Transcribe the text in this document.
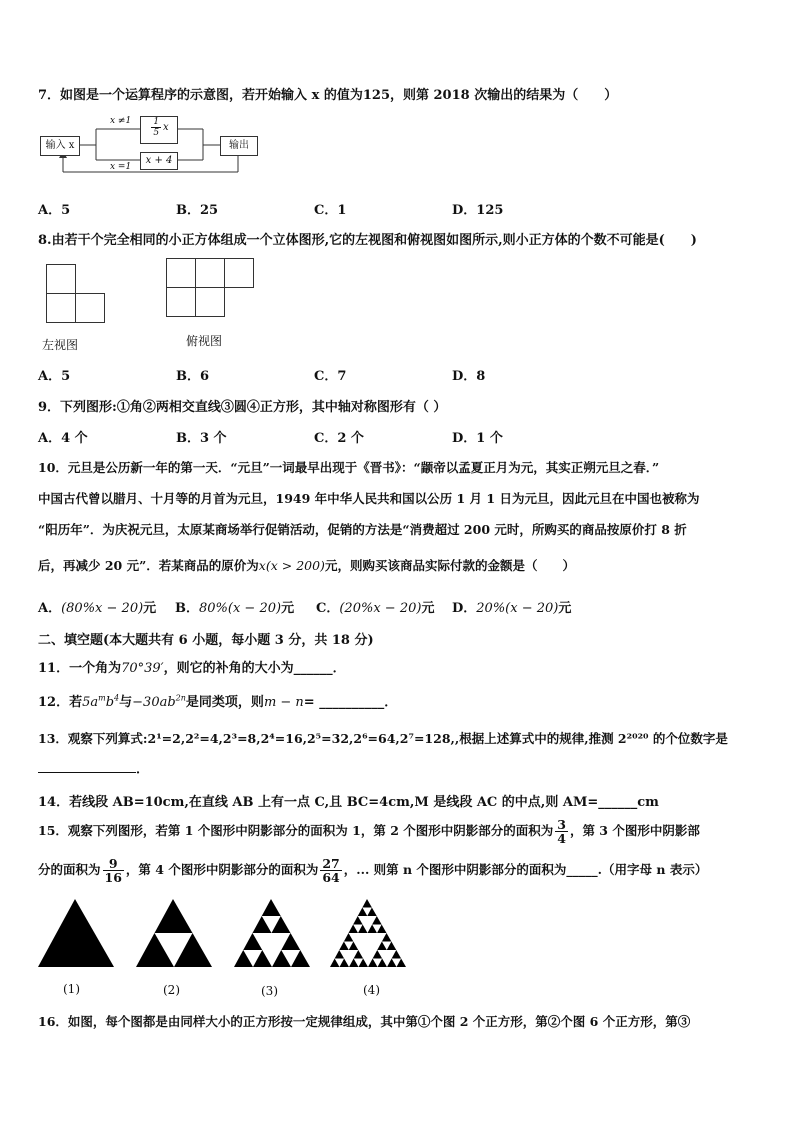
7．如图是一个运算程序的示意图，若开始输入 x 的值为125，则第 2018 次输出的结果为（　　）
输入 x	输出
$\frac{1}{5}$ x
x + 4
x ≠1
x =1
A．5	B．25	C．1	D．125
8.由若干个完全相同的小正方体组成一个立体图形,它的左视图和俯视图如图所示,则小正方体的个数不可能是(　　)
左视图	俯视图
A．5	B．6	C．7	D．8
9．下列图形:①角②两相交直线③圆④正方形，其中轴对称图形有（ ）
A．4 个	B．3 个	C．2 个	D．1 个
10．元旦是公历新一年的第一天．“元旦”一词最早出现于《晋书》：“颛帝以孟夏正月为元，其实正朔元旦之春．”
中国古代曾以腊月、十月等的月首为元旦，1949 年中华人民共和国以公历 1 月 1 日为元旦，因此元旦在中国也被称为
“阳历年”．为庆祝元旦，太原某商场举行促销活动，促销的方法是“消费超过 200 元时，所购买的商品按原价打 8 折
后，再减少 20 元”．若某商品的原价为x(x > 200)元，则购买该商品实际付款的金额是（　　）
A．(80%x − 20)元 B．80%(x − 20)元 C．(20%x − 20)元 D．20%(x − 20)元
二、填空题(本大题共有 6 小题，每小题 3 分，共 18 分)
11．一个角为70°39′，则它的补角的大小为______．
12．若$5a^mb^4$与$-30ab^{2n}$是同类项，则m − n= __________．
13．观察下列算式:2¹=2,2²=4,2³=8,2⁴=16,2⁵=32,2⁶=64,2⁷=128,,根据上述算式中的规律,推测 2²⁰²⁰ 的个位数字是
．
14．若线段 AB=10cm,在直线 AB 上有一点 C,且 BC=4cm,M 是线段 AC 的中点,则 AM=______cm
15．观察下列图形，若第 1 个图形中阴影部分的面积为 1，第 2 个图形中阴影部分的面积为 $\frac{3}{4}$ ，第 3 个图形中阴影部
分的面积为 $\frac{9}{16}$ ，第 4 个图形中阴影部分的面积为 $\frac{27}{64}$ ，... 则第 n 个图形中阴影部分的面积为_____.（用字母 n 表示）
(1)	(2)	(3)	(4)
16．如图，每个图都是由同样大小的正方形按一定规律组成，其中第①个图 2 个正方形，第②个图 6 个正方形，第③
